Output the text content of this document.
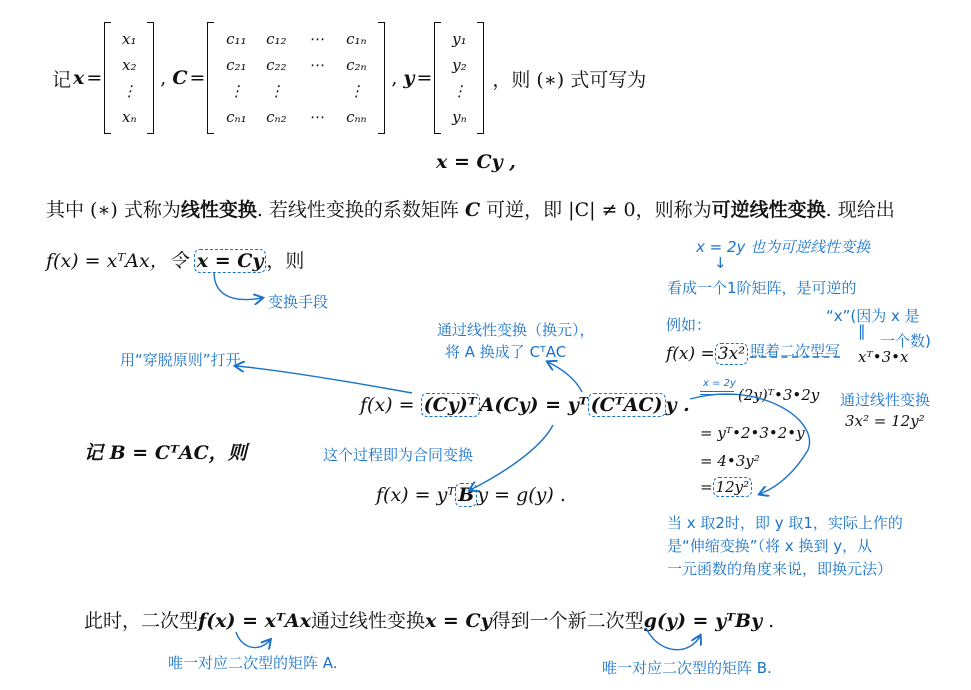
记 x =
x₁
x₂
⋮
xₙ
, C =
c₁₁ c₁₂ ⋯ c₁ₙ
c₂₁ c₂₂ ⋯ c₂ₙ
⋮ ⋮	⋮
cₙ₁ cₙ₂ ⋯ cₙₙ
, y =
y₁
y₂
⋮
yₙ
，则 (∗) 式可写为
x = Cy ,
其中 (∗) 式称为线性变换. 若线性变换的系数矩阵 C 可逆，即 |C| ≠ 0，则称为可逆线性变换. 现给出
f(x) = xᵀAx，令 x = Cy ，则
变换手段
用“穿脱原则”打开
通过线性变换（换元），
将 A 换成了 CᵀAC
f(x) = (Cy)ᵀ A(Cy) = yᵀ (CᵀAC) y .
记 B = CᵀAC，则	这个过程即为合同变换
f(x) = yᵀ B y = g(y) .
x = 2y 也为可逆线性变换
↓
看成一个1阶矩阵，是可逆的
“x”(因为 x 是
例如：
一个数)
‖
f(x) = 3x² 照着二次型写 xᵀ•3•x
x = 2y
(2y)ᵀ•3•2y 通过线性变换
3x² = 12y²
= yᵀ•2•3•2•y
= 4•3y²
= 12y²
当 x 取2时，即 y 取1，实际上作的
是“伸缩变换”（将 x 换到 y，从
一元函数的角度来说，即换元法）
此时，二次型f(x) = xᵀAx通过线性变换x = Cy得到一个新二次型g(y) = yᵀBy .
唯一对应二次型的矩阵 A.	唯一对应二次型的矩阵 B.
